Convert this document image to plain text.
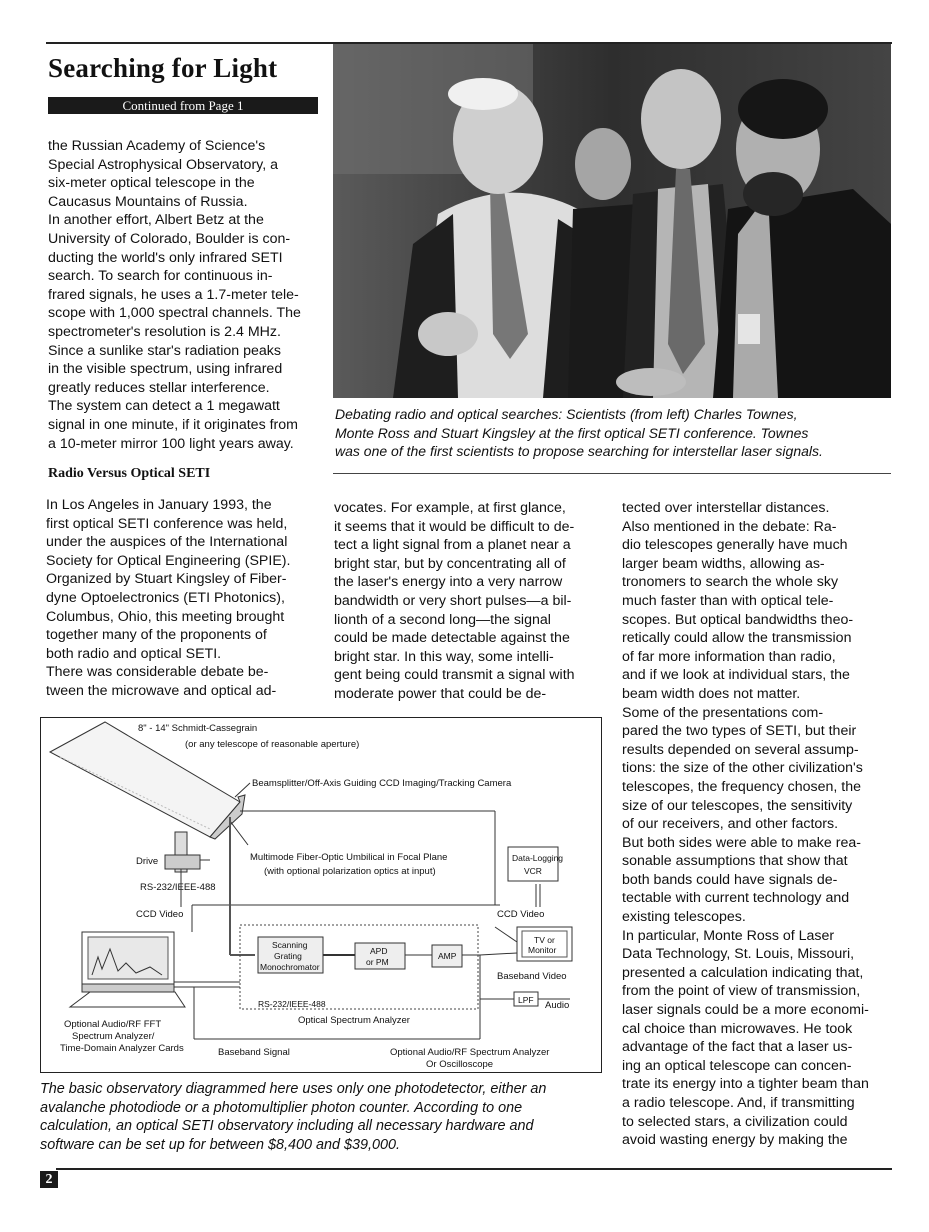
Searching for Light
Continued from Page 1
the Russian Academy of Science's
Special Astrophysical Observatory, a
six-meter optical telescope in the
Caucasus Mountains of Russia.
In another effort, Albert Betz at the
University of Colorado, Boulder is con-
ducting the world's only infrared SETI
search. To search for continuous in-
frared signals, he uses a 1.7-meter tele-
scope with 1,000 spectral channels. The
spectrometer's resolution is 2.4 MHz.
Since a sunlike star's radiation peaks
in the visible spectrum, using infrared
greatly reduces stellar interference.
The system can detect a 1 megawatt
signal in one minute, if it originates from
a 10-meter mirror 100 light years away.
Radio Versus Optical SETI
In Los Angeles in January 1993, the
first optical SETI conference was held,
under the auspices of the International
Society for Optical Engineering (SPIE).
Organized by Stuart Kingsley of Fiber-
dyne Optoelectronics (ETI Photonics),
Columbus, Ohio, this meeting brought
together many of the proponents of
both radio and optical SETI.
There was considerable debate be-
tween the microwave and optical ad-
vocates. For example, at first glance,
it seems that it would be difficult to de-
tect a light signal from a planet near a
bright star, but by concentrating all of
the laser's energy into a very narrow
bandwidth or very short pulses—a bil-
lionth of a second long—the signal
could be made detectable against the
bright star. In this way, some intelli-
gent being could transmit a signal with
moderate power that could be de-
tected over interstellar distances.
Also mentioned in the debate: Ra-
dio telescopes generally have much
larger beam widths, allowing as-
tronomers to search the whole sky
much faster than with optical tele-
scopes. But optical bandwidths theo-
retically could allow the transmission
of far more information than radio,
and if we look at individual stars, the
beam width does not matter.
Some of the presentations com-
pared the two types of SETI, but their
results depended on several assump-
tions: the size of the other civilization's
telescopes, the frequency chosen, the
size of our telescopes, the sensitivity
of our receivers, and other factors.
But both sides were able to make rea-
sonable assumptions that show that
both bands could have signals de-
tectable with current technology and
existing telescopes.
In particular, Monte Ross of Laser
Data Technology, St. Louis, Missouri,
presented a calculation indicating that,
from the point of view of transmission,
laser signals could be a more economi-
cal choice than microwaves. He took
advantage of the fact that a laser us-
ing an optical telescope can concen-
trate its energy into a tighter beam than
a radio telescope. And, if transmitting
to selected stars, a civilization could
avoid wasting energy by making the
Debating radio and optical searches: Scientists (from left) Charles Townes,
Monte Ross and Stuart Kingsley at the first optical SETI conference. Townes
was one of the first scientists to propose searching for interstellar laser signals.
8" - 14" Schmidt-Cassegrain
(or any telescope of reasonable aperture)
Beamsplitter/Off-Axis Guiding CCD Imaging/Tracking Camera
Multimode Fiber-Optic Umbilical in Focal Plane
(with optional polarization optics at input)
Drive
RS-232/IEEE-488
CCD Video	CCD Video
Data-Logging
VCR
TV or
Monitor
Scanning
Grating
Monochromator
APD
or PM
AMP
Baseband Video
LPF Audio
RS-232/IEEE-488
Optical Spectrum Analyzer
Optional Audio/RF FFT
Spectrum Analyzer/
Time-Domain Analyzer Cards	Baseband Signal	Optional Audio/RF Spectrum Analyzer
Or Oscilloscope
The basic observatory diagrammed here uses only one photodetector, either an
avalanche photodiode or a photomultiplier photon counter. According to one
calculation, an optical SETI observatory including all necessary hardware and
software can be set up for between $8,400 and $39,000.
2
